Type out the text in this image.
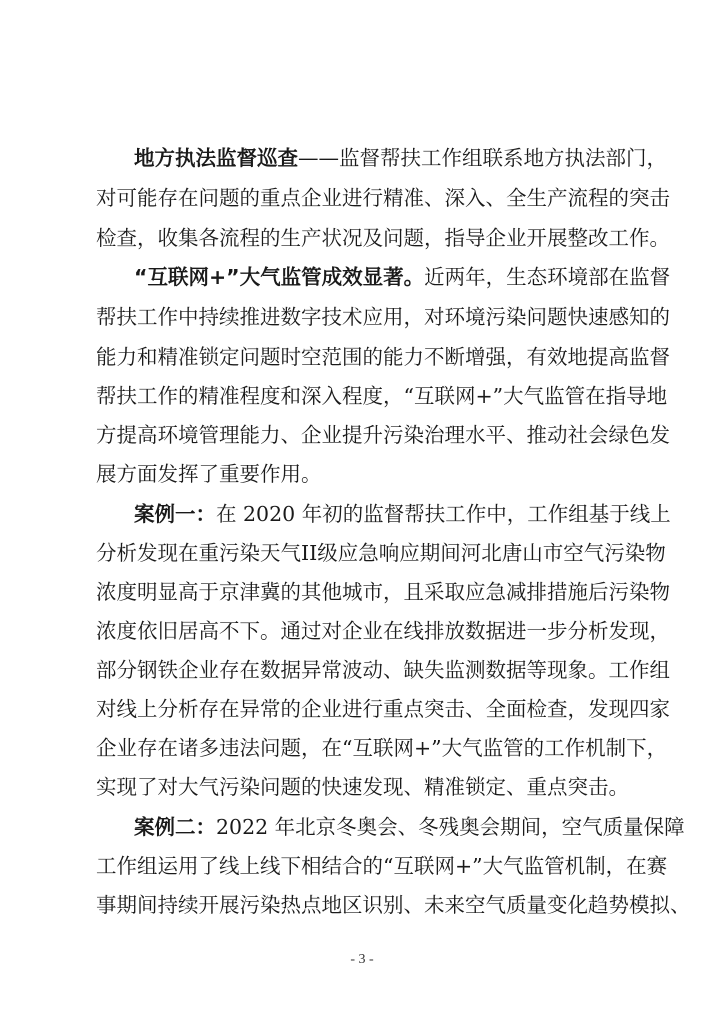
地方执法监督巡查——监督帮扶工作组联系地方执法部门，
对可能存在问题的重点企业进行精准、深入、全生产流程的突击
检查，收集各流程的生产状况及问题，指导企业开展整改工作。
“互联网+”大气监管成效显著。近两年，生态环境部在监督
帮扶工作中持续推进数字技术应用，对环境污染问题快速感知的
能力和精准锁定问题时空范围的能力不断增强，有效地提高监督
帮扶工作的精准程度和深入程度，“互联网+”大气监管在指导地
方提高环境管理能力、企业提升污染治理水平、推动社会绿色发
展方面发挥了重要作用。
案例一：在 2020 年初的监督帮扶工作中，工作组基于线上
分析发现在重污染天气II级应急响应期间河北唐山市空气污染物
浓度明显高于京津冀的其他城市，且采取应急减排措施后污染物
浓度依旧居高不下。通过对企业在线排放数据进一步分析发现，
部分钢铁企业存在数据异常波动、缺失监测数据等现象。工作组
对线上分析存在异常的企业进行重点突击、全面检查，发现四家
企业存在诸多违法问题，在“互联网+”大气监管的工作机制下，
实现了对大气污染问题的快速发现、精准锁定、重点突击。
案例二：2022 年北京冬奥会、冬残奥会期间，空气质量保障
工作组运用了线上线下相结合的“互联网+”大气监管机制，在赛
事期间持续开展污染热点地区识别、未来空气质量变化趋势模拟、
- 3 -
